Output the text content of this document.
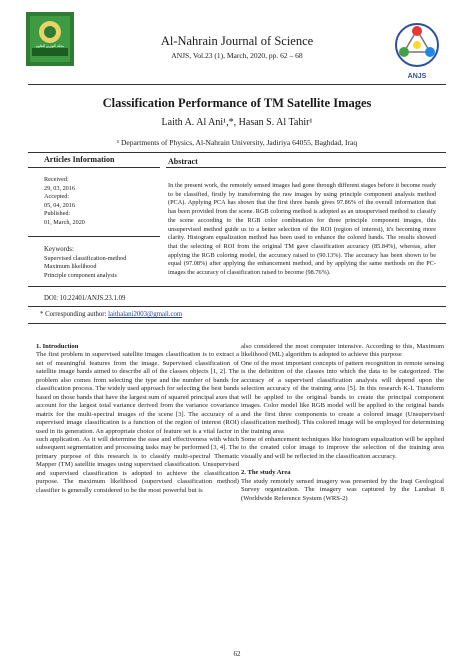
مجلة النهرين للعلوم
ANJS
Al-Nahrain Journal of Science
ANJS, Vol.23 (1), March, 2020, pp. 62 – 68
Classification Performance of TM Satellite Images
Laith A. Al Ani¹,*, Hasan S. Al Tahir¹
¹ Departments of Physics, Al-Nahrain University, Jadiriya 64055, Baghdad, Iraq
Articles Information	Abstract
Received:
29, 03, 2016
Accepted:
05, 04, 2016
Published:
01, March, 2020
Keywords:
Supervised classification-method
Maximum likelihood
Principle component analysis
In the present work, the remotely sensed images had gone through different stages before it become ready to be classified, firstly by transforming the raw images by using principle component analysis method (PCA). Applying PCA has shown that the first three bands gives 97.86% of the overall information that has been provided from the scene. RGB coloring method is adopted as an unsupervised method to classify the scene according to the RGB color combination for three principle component images, this unsupervised method guide us to a better selection of the ROI (region of interest), it's becoming more clarity. Histogram equalization method has been used to enhance the colored bands. The results showed that the selecting of ROI from the original TM gave classification accuracy (85.84%), whereas, after applying the RGB coloring model, the accuracy raised to (90.13%). The accuracy has been shown to be equal (97.08%) after applying the enhancement method, and by applying the same methods on the PC- images the accuracy of classification raised to become (98.76%).
DOI: 10.22401/ANJS.23.1.09
* Corresponding author: laithalani2003@gmail.com

1. Introduction

The first problem in supervised satellite images classification is to extract a set of meaningful features from the image. Supervised classification of satellite image bands aimed to describe all of the classes objects [1, 2]. The problem also comes from selecting the type and the number of bands for classification process. The widely used approach for selecting the best bands based on those bands that have the largest sum of squared principal axes that account for the largest total variance derived from the variance covariance matrix for the multi-spectral images of the scene [3]. The accuracy of a supervised image classification is a function of the region of interest (ROI) used in its generation. An appropriate choice of feature set is a vital factor in such application. As it will determine the ease and effectiveness with which subsequent segmentation and processing tasks may be performed [3, 4]. The primary purpose of this research is to classify multi-spectral Thematic Mapper (TM) satellite images using supervised classification. Unsupervised and supervised classification is adopted to achieve the classification purpose. The maximum likelihood (supervised classification method) classifier is generally considered to be the most powerful but is

also considered the most computer intensive. According to this, Maximum likelihood (ML) algorithm is adopted to achieve this purpose

One of the most important concepts of pattern recognition in remote sensing is the definition of the classes into which the data to be categorized. The accuracy of a supervised classification analysis will depend upon the selection accuracy of the training area [5]. In this research K-L Transform will be applied to the original bands to create the principal component images. Color model like RGB model will be applied to the original bands and the first three components to create a colored image (Unsupervised classification method). This colored image will be employed for determining the training area

Some of enhancement techniques like histogram equalization will be applied to the created color image to improve the selection of the training area visually and will be reflected in the classification accuracy.

2. The study Area

The study remotely sensed imagery was presented by the Iraqi Geological Survey organization. The imagery was captured by the Landsat 8 (Worldwide Reference System (WRS-2)

62
